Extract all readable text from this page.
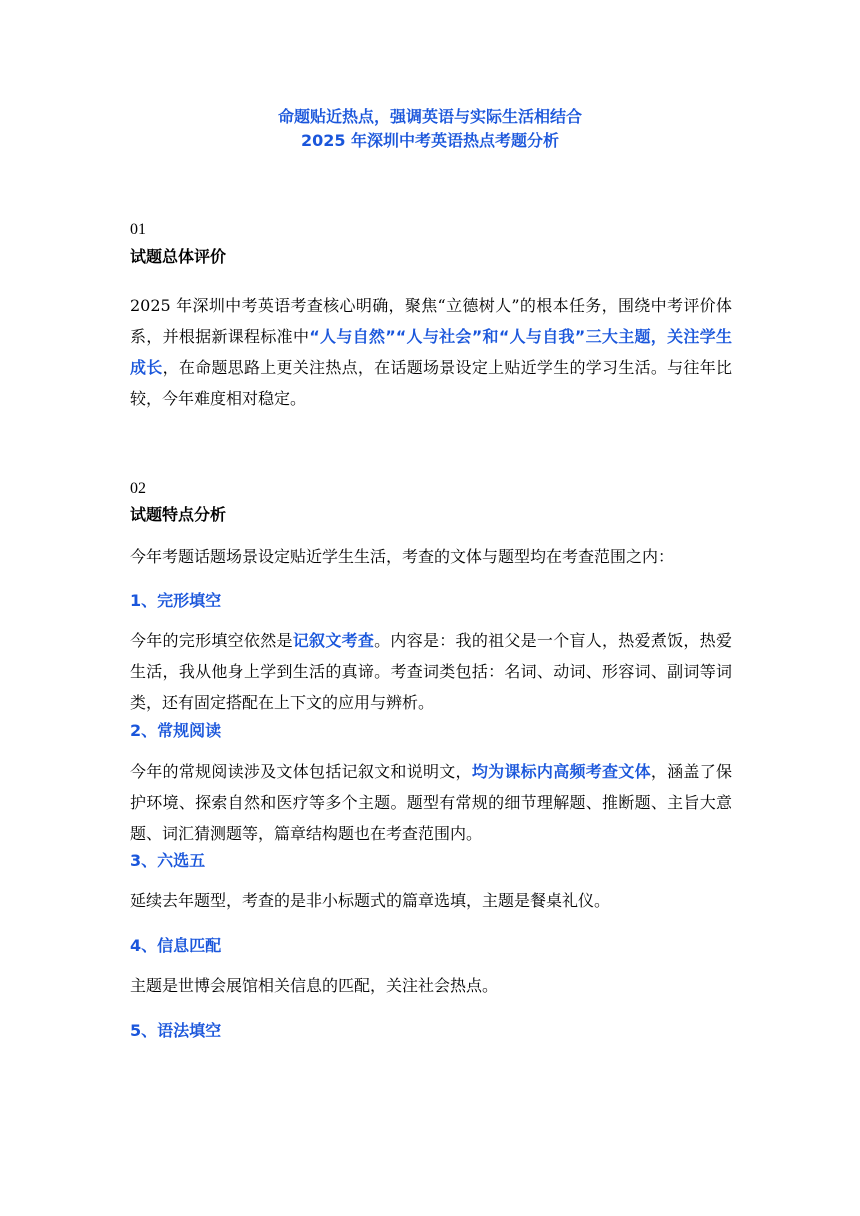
命题贴近热点，强调英语与实际生活相结合
2025 年深圳中考英语热点考题分析
01
试题总体评价

2025 年深圳中考英语考查核心明确，聚焦“立德树人”的根本任务，围绕中考评价体系，并根据新课程标准中“人与自然”“人与社会”和“人与自我”三大主题，关注学生成长，在命题思路上更关注热点，在话题场景设定上贴近学生的学习生活。与往年比较，今年难度相对稳定。

02
试题特点分析

今年考题话题场景设定贴近学生生活，考查的文体与题型均在考查范围之内：

1、完形填空

今年的完形填空依然是记叙文考查。内容是：我的祖父是一个盲人，热爱煮饭，热爱生活，我从他身上学到生活的真谛。考查词类包括：名词、动词、形容词、副词等词类，还有固定搭配在上下文的应用与辨析。

2、常规阅读

今年的常规阅读涉及文体包括记叙文和说明文，均为课标内高频考查文体，涵盖了保护环境、探索自然和医疗等多个主题。题型有常规的细节理解题、推断题、主旨大意题、词汇猜测题等，篇章结构题也在考查范围内。

3、六选五

延续去年题型，考查的是非小标题式的篇章选填，主题是餐桌礼仪。

4、信息匹配

主题是世博会展馆相关信息的匹配，关注社会热点。

5、语法填空
